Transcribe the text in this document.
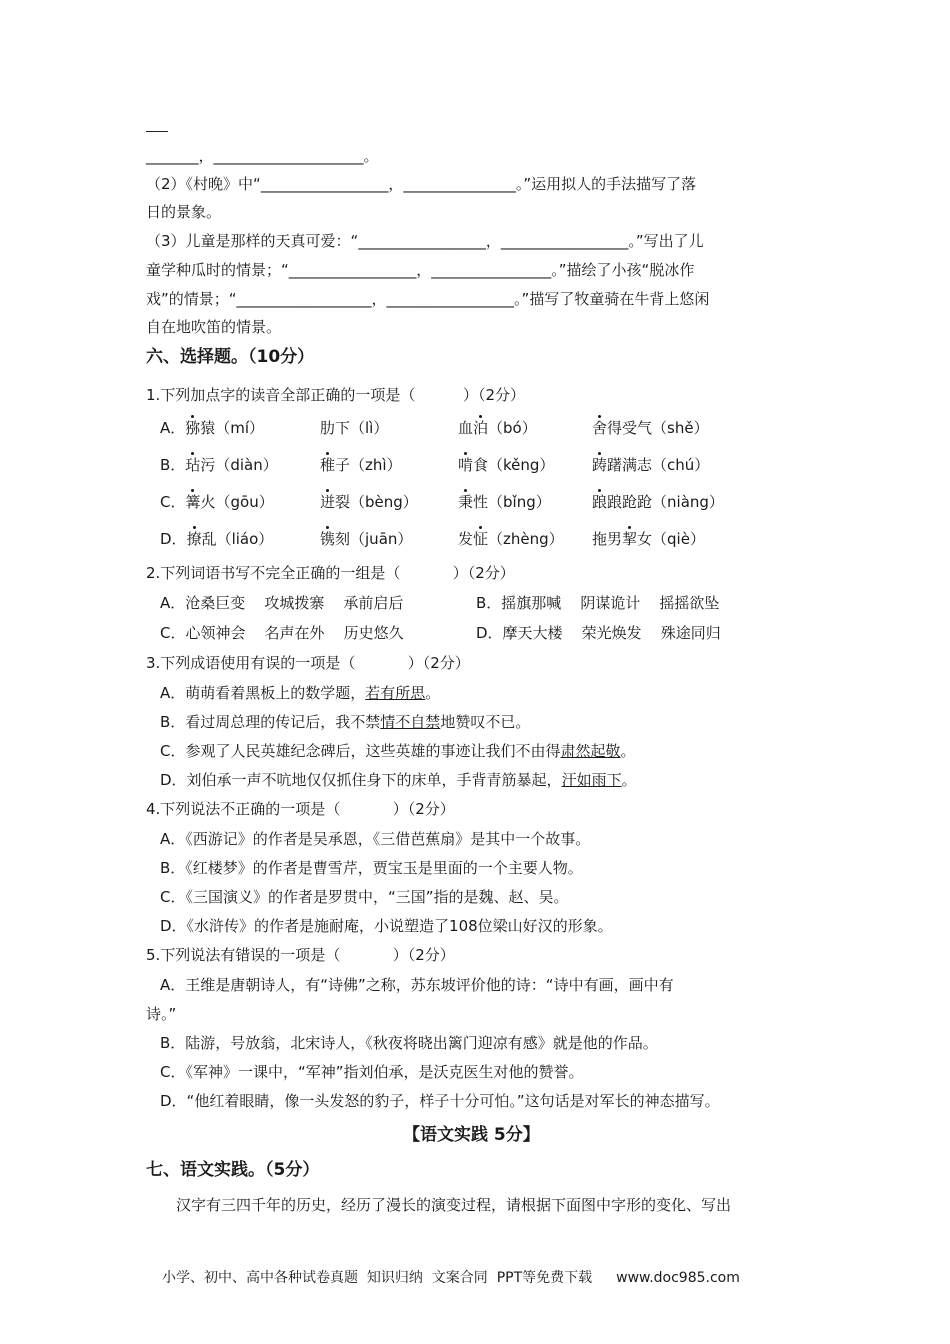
_______，____________________。
（2）《村晚》中“_________________，_______________。”运用拟人的手法描写了落
日的景象。
（3）儿童是那样的天真可爱：“_________________，_________________。”写出了儿
童学种瓜时的情景；“_________________，________________。”描绘了小孩“脱冰作
戏”的情景；“__________________，_________________。”描写了牧童骑在牛背上悠闲
自在地吹笛的情景。
六、选择题。（10分）
1.下列加点字的读音全部正确的一项是（          ）（2分）
A．猕猿（mí）	肋下（lì）	血泊（bó）	舍得受气（shě）
B．玷污（diàn）	稚子（zhì）	啃食（kěng）	踌躇满志（chú）
C．篝火（gōu）	迸裂（bèng）	秉性（bǐng）	踉踉跄跄（niàng）
D．撩乱（liáo）	镌刻（juān）	发怔（zhèng） 拖男挈女（qiè）
2.下列词语书写不完全正确的一组是（           ）（2分）
A．沧桑巨变    攻城拨寨    承前启后	B．摇旗那喊    阴谋诡计    摇摇欲坠
C．心领神会    名声在外    历史悠久	D．摩天大楼    荣光焕发    殊途同归
3.下列成语使用有误的一项是（           ）（2分）
A．萌萌看着黑板上的数学题，若有所思。
B．看过周总理的传记后，我不禁情不自禁地赞叹不已。
C．参观了人民英雄纪念碑后，这些英雄的事迹让我们不由得肃然起敬。
D．刘伯承一声不吭地仅仅抓住身下的床单，手背青筋暴起，汗如雨下。
4.下列说法不正确的一项是（           ）（2分）
A．《西游记》的作者是吴承恩，《三借芭蕉扇》是其中一个故事。
B．《红楼梦》的作者是曹雪芹，贾宝玉是里面的一个主要人物。
C．《三国演义》的作者是罗贯中，“三国”指的是魏、赵、吴。
D．《水浒传》的作者是施耐庵，小说塑造了108位梁山好汉的形象。
5.下列说法有错误的一项是（           ）（2分）
A．王维是唐朝诗人，有“诗佛”之称，苏东坡评价他的诗：“诗中有画，画中有
诗。”
B．陆游，号放翁，北宋诗人，《秋夜将晓出篱门迎凉有感》就是他的作品。
C．《军神》一课中，“军神”指刘伯承，是沃克医生对他的赞誉。
D．“他红着眼睛，像一头发怒的豹子，样子十分可怕。”这句话是对军长的神态描写。
【语文实践 5分】
七、语文实践。（5分）
汉字有三四千年的历史，经历了漫长的演变过程，请根据下面图中字形的变化、写出
小学、初中、高中各种试卷真题  知识归纳  文案合同  PPT等免费下载 www.doc985.com
